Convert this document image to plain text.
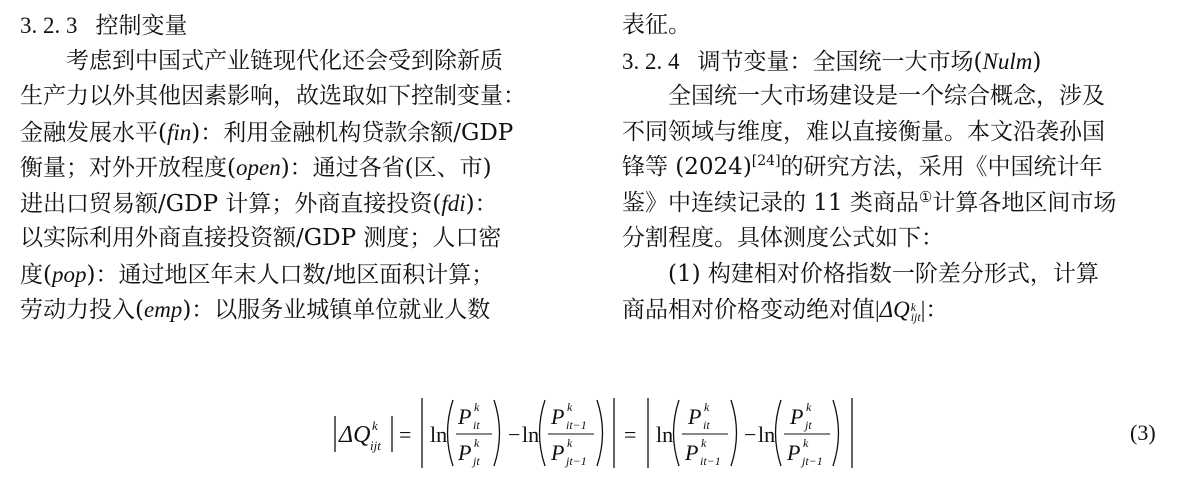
3. 2. 3 控制变量
考虑到中国式产业链现代化还会受到除新质
生产力以外其他因素影响，故选取如下控制变量：
金融发展水平(fin)：利用金融机构贷款余额/GDP
衡量；对外开放程度(open)：通过各省(区、市)
进出口贸易额/GDP 计算；外商直接投资(fdi)：
以实际利用外商直接投资额/GDP 测度；人口密
度(pop)：通过地区年末人口数/地区面积计算；
劳动力投入(emp)：以服务业城镇单位就业人数
表征。
3. 2. 4 调节变量：全国统一大市场(Nulm)
全国统一大市场建设是一个综合概念，涉及
不同领域与维度，难以直接衡量。本文沿袭孙国
锋等 (2024)[24]的研究方法，采用《中国统计年
鉴》中连续记录的 11 类商品①计算各地区间市场
分割程度。具体测度公式如下：
(1) 构建相对价格指数一阶差分形式，计算
商品相对价格变动绝对值|ΔQk
ijt|：
ΔQ k
ijt = ln
P k
it
P k
jt
− ln
P k
it−1
P k
jt−1
= ln
P k
it
P k
it−1
− ln
P k
jt
P k
jt−1
(3)
